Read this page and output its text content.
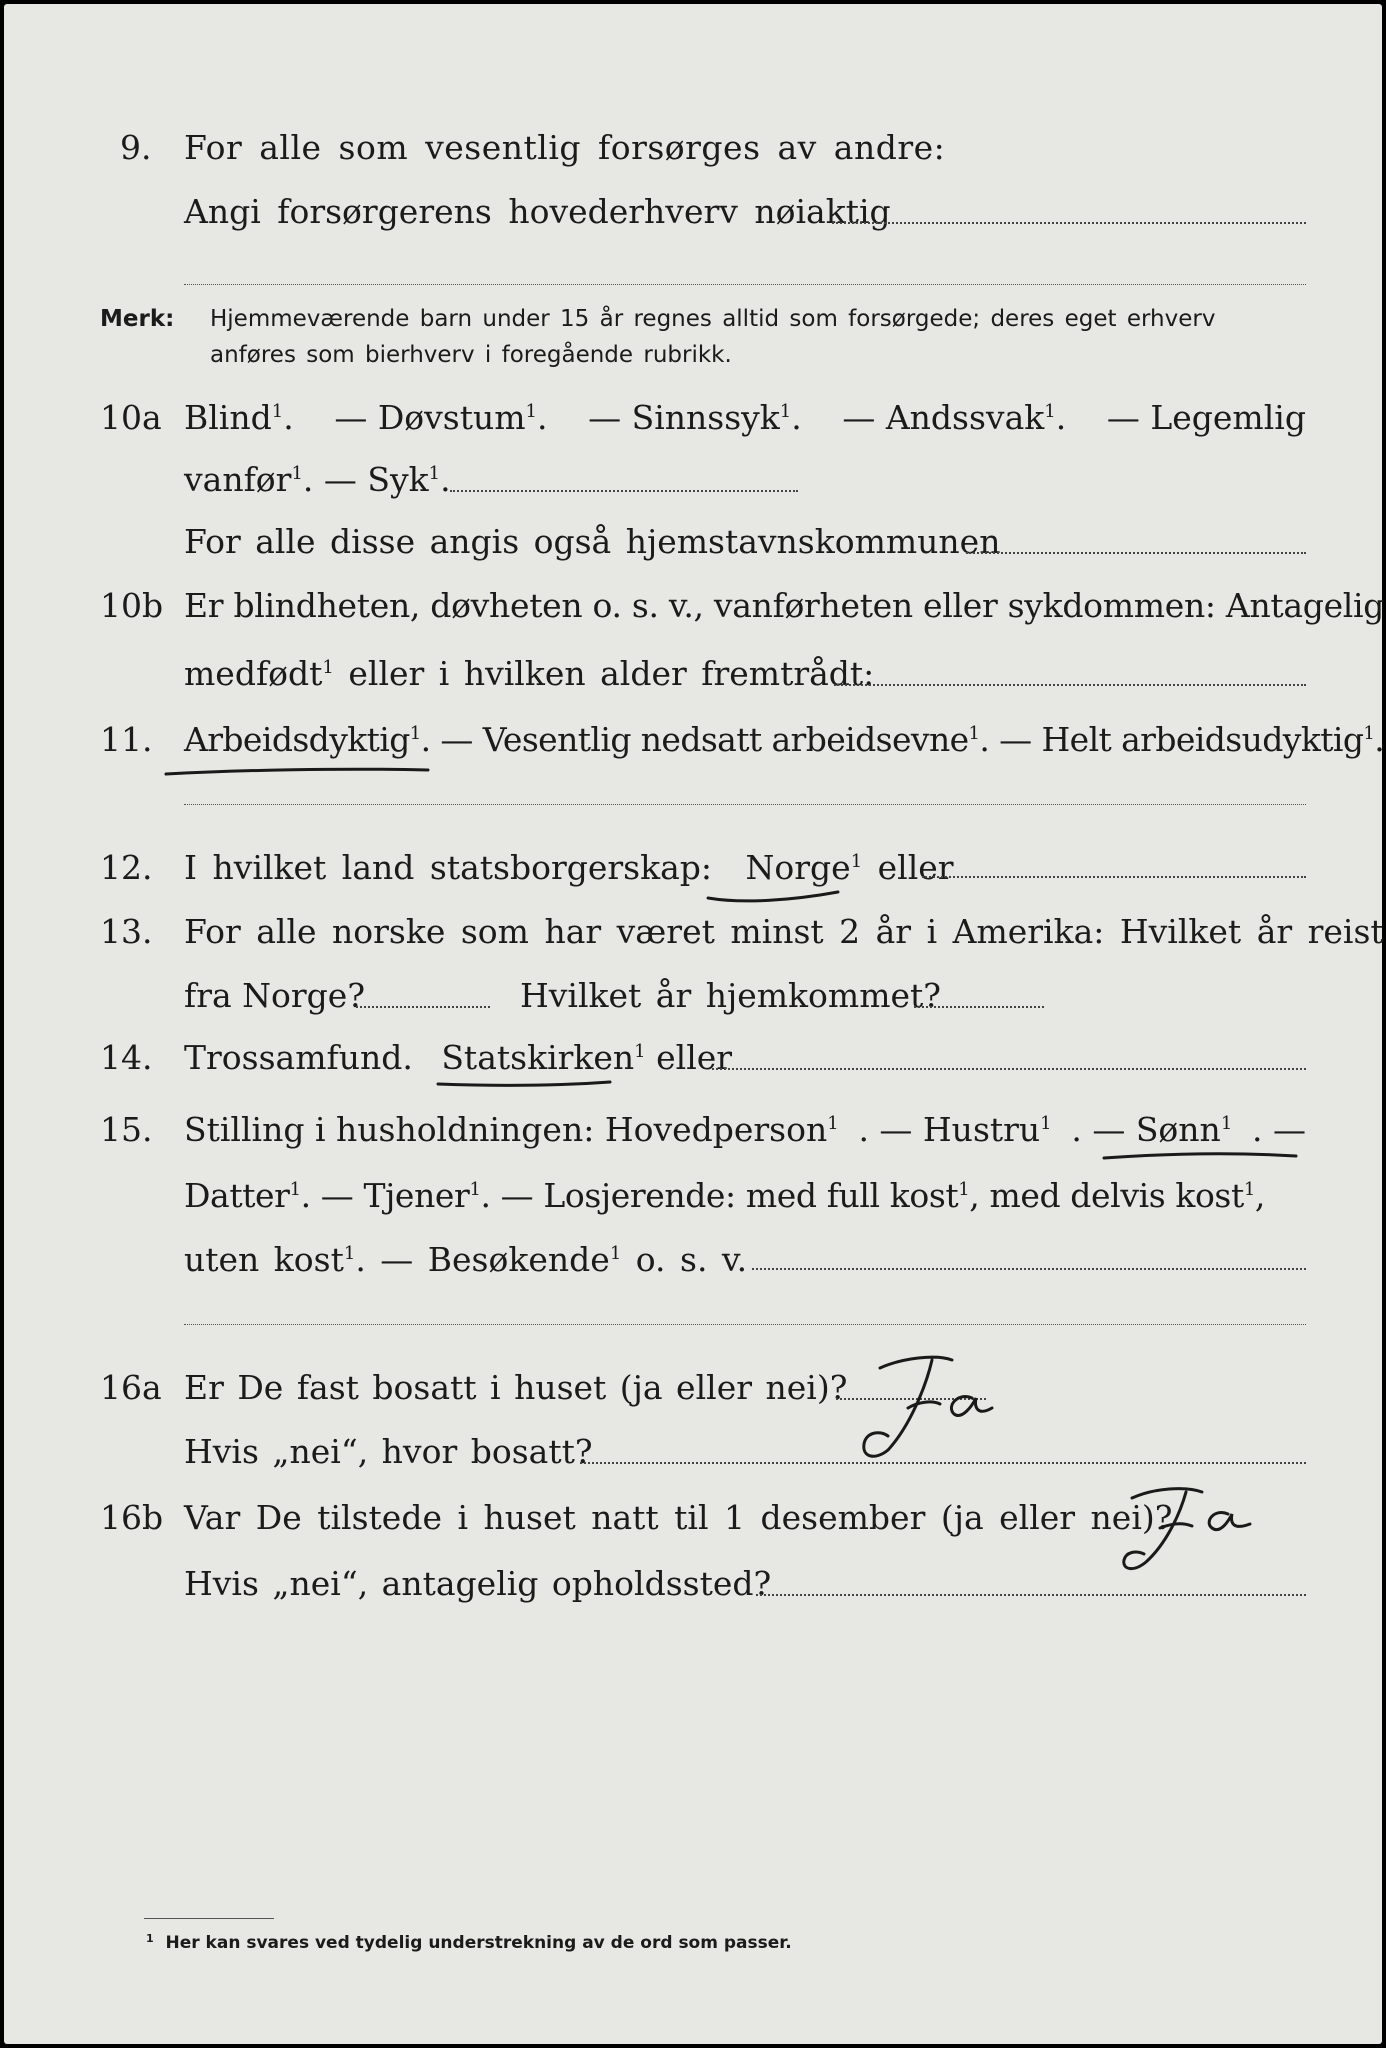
9. For alle som vesentlig forsørges av andre:
Angi forsørgerens hovederhverv nøiaktig
Merk: Hjemmeværende barn under 15 år regnes alltid som forsørgede; deres eget erhverv
anføres som bierhverv i foregående rubrikk.
10a Blind$^1$. — Døvstum$^1$. — Sinnssyk$^1$. — Andssvak$^1$. — Legemlig
vanfør$^1$. — Syk$^1$.
For alle disse angis også hjemstavnskommunen
10b Er blindheten, døvheten o. s. v., vanførheten eller sykdommen: Antagelig
medfødt$^1$ eller i hvilken alder fremtrådt:
11. Arbeidsdyktig$^1$. — Vesentlig nedsatt arbeidsevne$^1$. — Helt arbeidsudyktig$^1$.
12. I hvilket land statsborgerskap: Norge$^1$ eller
13. For alle norske som har været minst 2 år i Amerika: Hvilket år reist
fra Norge?	Hvilket år hjemkommet?
14. Trossamfund. Statskirken$^1$ eller
15. Stilling i husholdningen: Hovedperson$^1$ . — Hustru$^1$ . — Sønn$^1$ . —
Datter$^1$. — Tjener$^1$. — Losjerende: med full kost$^1$, med delvis kost$^1$,
uten kost$^1$. — Besøkende$^1$ o. s. v.
16a Er De fast bosatt i huset (ja eller nei)?
Hvis „nei“, hvor bosatt?
16b Var De tilstede i huset natt til 1 desember (ja eller nei)?
Hvis „nei“, antagelig opholdssted?
$^1$ Her kan svares ved tydelig understrekning av de ord som passer.
